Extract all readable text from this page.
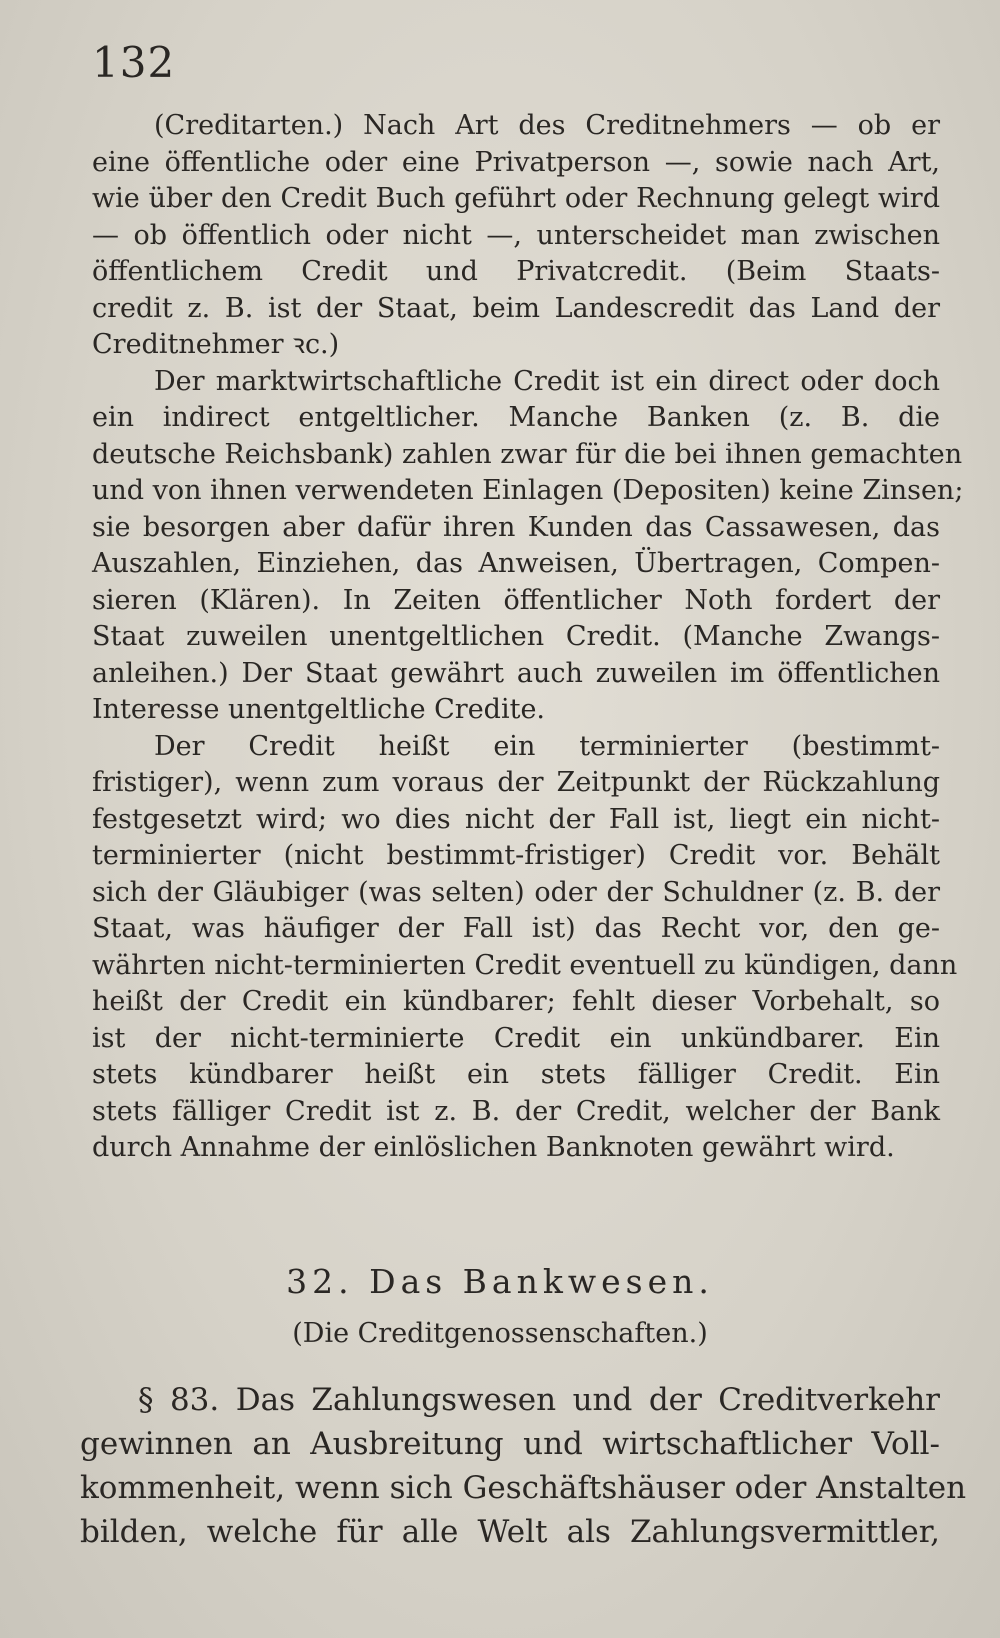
132
(Creditarten.) Nach Art des Creditnehmers — ob er
eine öffentliche oder eine Privatperson —, sowie nach Art,
wie über den Credit Buch geführt oder Rechnung gelegt wird
— ob öffentlich oder nicht —, unterscheidet man zwischen
öffentlichem Credit und Privatcredit. (Beim Staats-
credit z. B. ist der Staat, beim Landescredit das Land der
Creditnehmer ꝛc.)
Der marktwirtschaftliche Credit ist ein direct oder doch
ein indirect entgeltlicher. Manche Banken (z. B. die
deutsche Reichsbank) zahlen zwar für die bei ihnen gemachten
und von ihnen verwendeten Einlagen (Depositen) keine Zinsen;
sie besorgen aber dafür ihren Kunden das Cassawesen, das
Auszahlen, Einziehen, das Anweisen, Übertragen, Compen-
sieren (Klären). In Zeiten öffentlicher Noth fordert der
Staat zuweilen unentgeltlichen Credit. (Manche Zwangs-
anleihen.) Der Staat gewährt auch zuweilen im öffentlichen
Interesse unentgeltliche Credite.
Der Credit heißt ein terminierter (bestimmt-
fristiger), wenn zum voraus der Zeitpunkt der Rückzahlung
festgesetzt wird; wo dies nicht der Fall ist, liegt ein nicht-
terminierter (nicht bestimmt-fristiger) Credit vor. Behält
sich der Gläubiger (was selten) oder der Schuldner (z. B. der
Staat, was häufiger der Fall ist) das Recht vor, den ge-
währten nicht-terminierten Credit eventuell zu kündigen, dann
heißt der Credit ein kündbarer; fehlt dieser Vorbehalt, so
ist der nicht-terminierte Credit ein unkündbarer. Ein
stets kündbarer heißt ein stets fälliger Credit. Ein
stets fälliger Credit ist z. B. der Credit, welcher der Bank
durch Annahme der einlöslichen Banknoten gewährt wird.
32. Das Bankwesen.
(Die Creditgenossenschaften.)
§ 83. Das Zahlungswesen und der Creditverkehr
gewinnen an Ausbreitung und wirtschaftlicher Voll-
kommenheit, wenn sich Geschäftshäuser oder Anstalten
bilden, welche für alle Welt als Zahlungsvermittler,
